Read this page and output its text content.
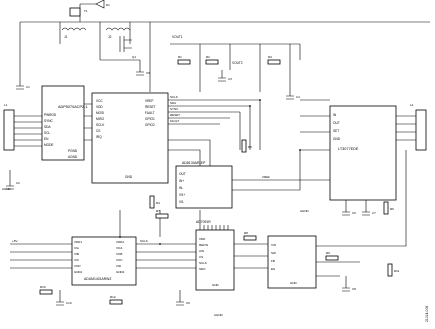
ADP5070ACPZ-1
PWRGD
SYNC
SDA
SCL
EN
MODE
PGND
AGND
VCC
VDD
MOSI
MISO
SCLK
CS
IRQ
VREF
RESET
FAULT
GPIO1
GPIO2
GND
AD8130AR-EP
OUT
IN+
IN-
VS+
VS-
LT3077EDE
IN
OUT
SET
GND
ADUM1401ARWZ
VDD1
VIA
VIB
VIC
VOD
GND1
VDD2
VOA
VOB
VOC
VID
GND2
AD7091R
VDD
REFIN
AIN
CS
SCLK
SDO
GND
VIN
SW
FB
EN
GND
J1	J2
T1
Q1
D1
VOUT1
VOUT2
L1
C1
C2
AGND
SCLK
SDA
SYNC
RESET
FAULT
VREF
R1	R2	R3
R4
R5
C3
C4
C5
L2
C6	C7
R6
AGND
+5V	SCLK
R7
R8
R9
R10	C8
C9
C10
R11
R12
AGND	21014-006
